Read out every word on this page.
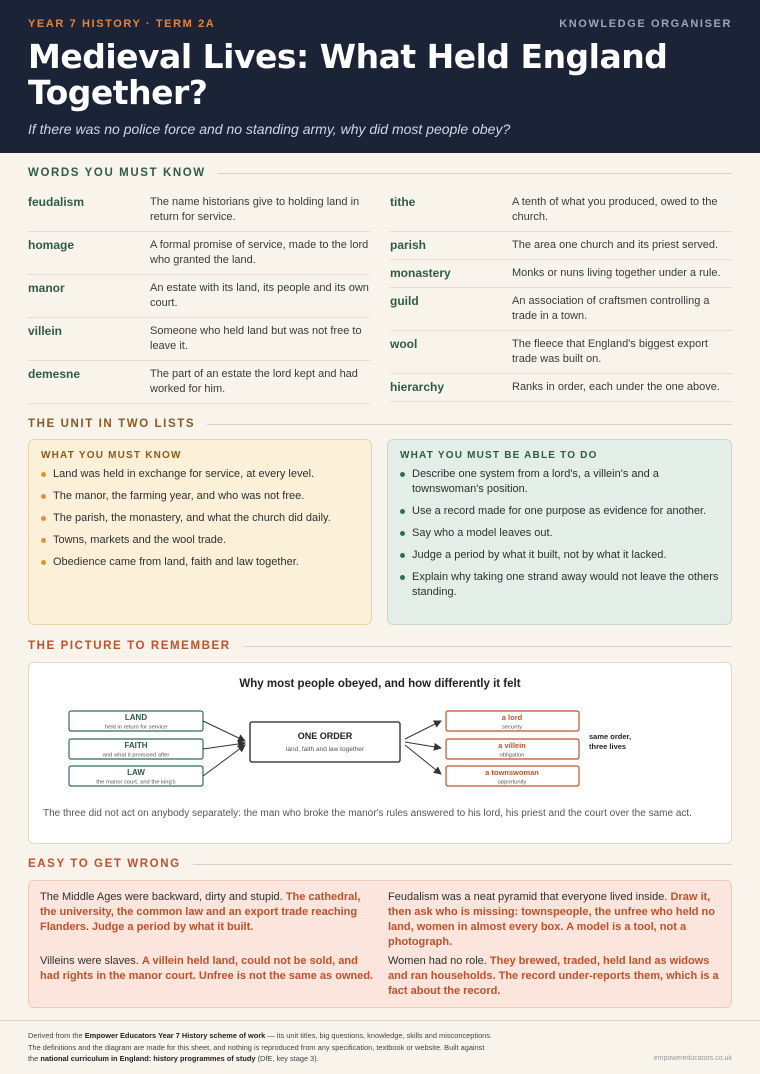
YEAR 7 HISTORY · TERM 2A	KNOWLEDGE ORGANISER
Medieval Lives: What Held England
Together?
If there was no police force and no standing army, why did most people obey?
WORDS YOU MUST KNOW
feudalism	The name historians give to holding land in return for service.
homage	A formal promise of service, made to the lord who granted the land.
manor	An estate with its land, its people and its own court.
villein	Someone who held land but was not free to leave it.
demesne	The part of an estate the lord kept and had worked for him.
tithe	A tenth of what you produced, owed to the church.
parish	The area one church and its priest served.
monastery	Monks or nuns living together under a rule.
guild	An association of craftsmen controlling a trade in a town.
wool	The fleece that England's biggest export trade was built on.
hierarchy	Ranks in order, each under the one above.
THE UNIT IN TWO LISTS
WHAT YOU MUST KNOW
Land was held in exchange for service, at every level.
The manor, the farming year, and who was not free.
The parish, the monastery, and what the church did daily.
Towns, markets and the wool trade.
Obedience came from land, faith and law together.
WHAT YOU MUST BE ABLE TO DO
Describe one system from a lord's, a villein's and a townswoman's position.
Use a record made for one purpose as evidence for another.
Say who a model leaves out.
Judge a period by what it built, not by what it lacked.
Explain why taking one strand away would not leave the others standing.
THE PICTURE TO REMEMBER
Why most people obeyed, and how differently it felt
LAND
held in return for service
FAITH
and what it promised after
LAW
the manor court, and the king's
ONE ORDER
land, faith and law together
a lord
security
a villein
obligation
a townswoman
opportunity
same order,
three lives
The three did not act on anybody separately: the man who broke the manor's rules answered to his lord, his priest and the court over the same act.
EASY TO GET WRONG

The Middle Ages were backward, dirty and stupid. The cathedral, the university, the common law and an export trade reaching Flanders. Judge a period by what it built.

Villeins were slaves. A villein held land, could not be sold, and had rights in the manor court. Unfree is not the same as owned.

Feudalism was a neat pyramid that everyone lived inside. Draw it, then ask who is missing: townspeople, the unfree who held no land, women in almost every box. A model is a tool, not a photograph.

Women had no role. They brewed, traded, held land as widows and ran households. The record under-reports them, which is a fact about the record.

Derived from the Empower Educators Year 7 History scheme of work — its unit titles, big questions, knowledge, skills and misconceptions.
The definitions and the diagram are made for this sheet, and nothing is reproduced from any specification, textbook or website. Built against
the national curriculum in England: history programmes of study (DfE, key stage 3).	empowereducators.co.uk
